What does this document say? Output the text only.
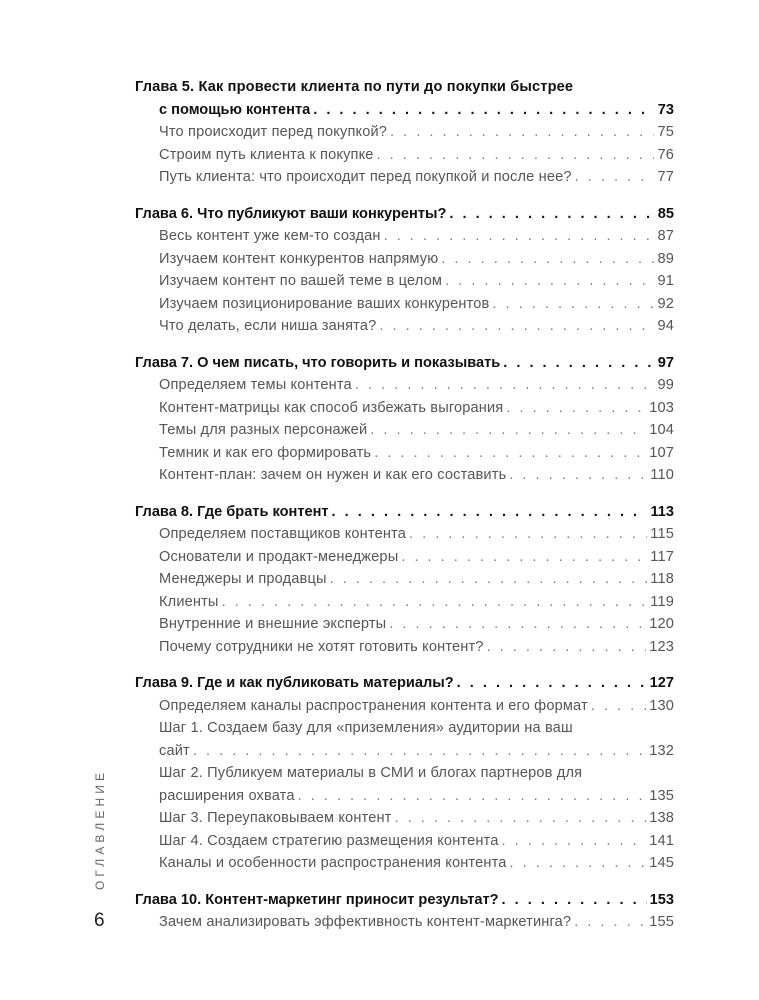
Глава 5. Как провести клиента по пути до покупки быстрее
с помощью контента . . .	73
Что происходит перед покупкой? . . .	75
Строим путь клиента к покупке . . .	76
Путь клиента: что происходит перед покупкой и после нее? . . .	77
Глава 6. Что публикуют ваши конкуренты? . . .	85
Весь контент уже кем-то создан . . .	87
Изучаем контент конкурентов напрямую . . .	89
Изучаем контент по вашей теме в целом . . .	91
Изучаем позиционирование ваших конкурентов . . .	92
Что делать, если ниша занята? . . .	94
Глава 7. О чем писать, что говорить и показывать . . .	97
Определяем темы контента . . .	99
Контент-матрицы как способ избежать выгорания . . .	103
Темы для разных персонажей . . .	104
Темник и как его формировать . . .	107
Контент-план: зачем он нужен и как его составить . . .	110
Глава 8. Где брать контент . . .	113
Определяем поставщиков контента . . .	115
Основатели и продакт-менеджеры . . .	117
Менеджеры и продавцы . . .	118
Клиенты . . .	119
Внутренние и внешние эксперты . . .	120
Почему сотрудники не хотят готовить контент? . . .	123
Глава 9. Где и как публиковать материалы? . . .	127
Определяем каналы распространения контента и его формат . . .	130
Шаг 1. Создаем базу для «приземления» аудитории на ваш
сайт . . .	132
Шаг 2. Публикуем материалы в СМИ и блогах партнеров для
расширения охвата . . .	135
Шаг 3. Переупаковываем контент . . .	138
Шаг 4. Создаем стратегию размещения контента . . .	141
Каналы и особенности распространения контента . . .	145
Глава 10. Контент-маркетинг приносит результат? . . .	153
Зачем анализировать эффективность контент-маркетинга? . . .	155
ОГЛАВЛЕНИЕ
6
